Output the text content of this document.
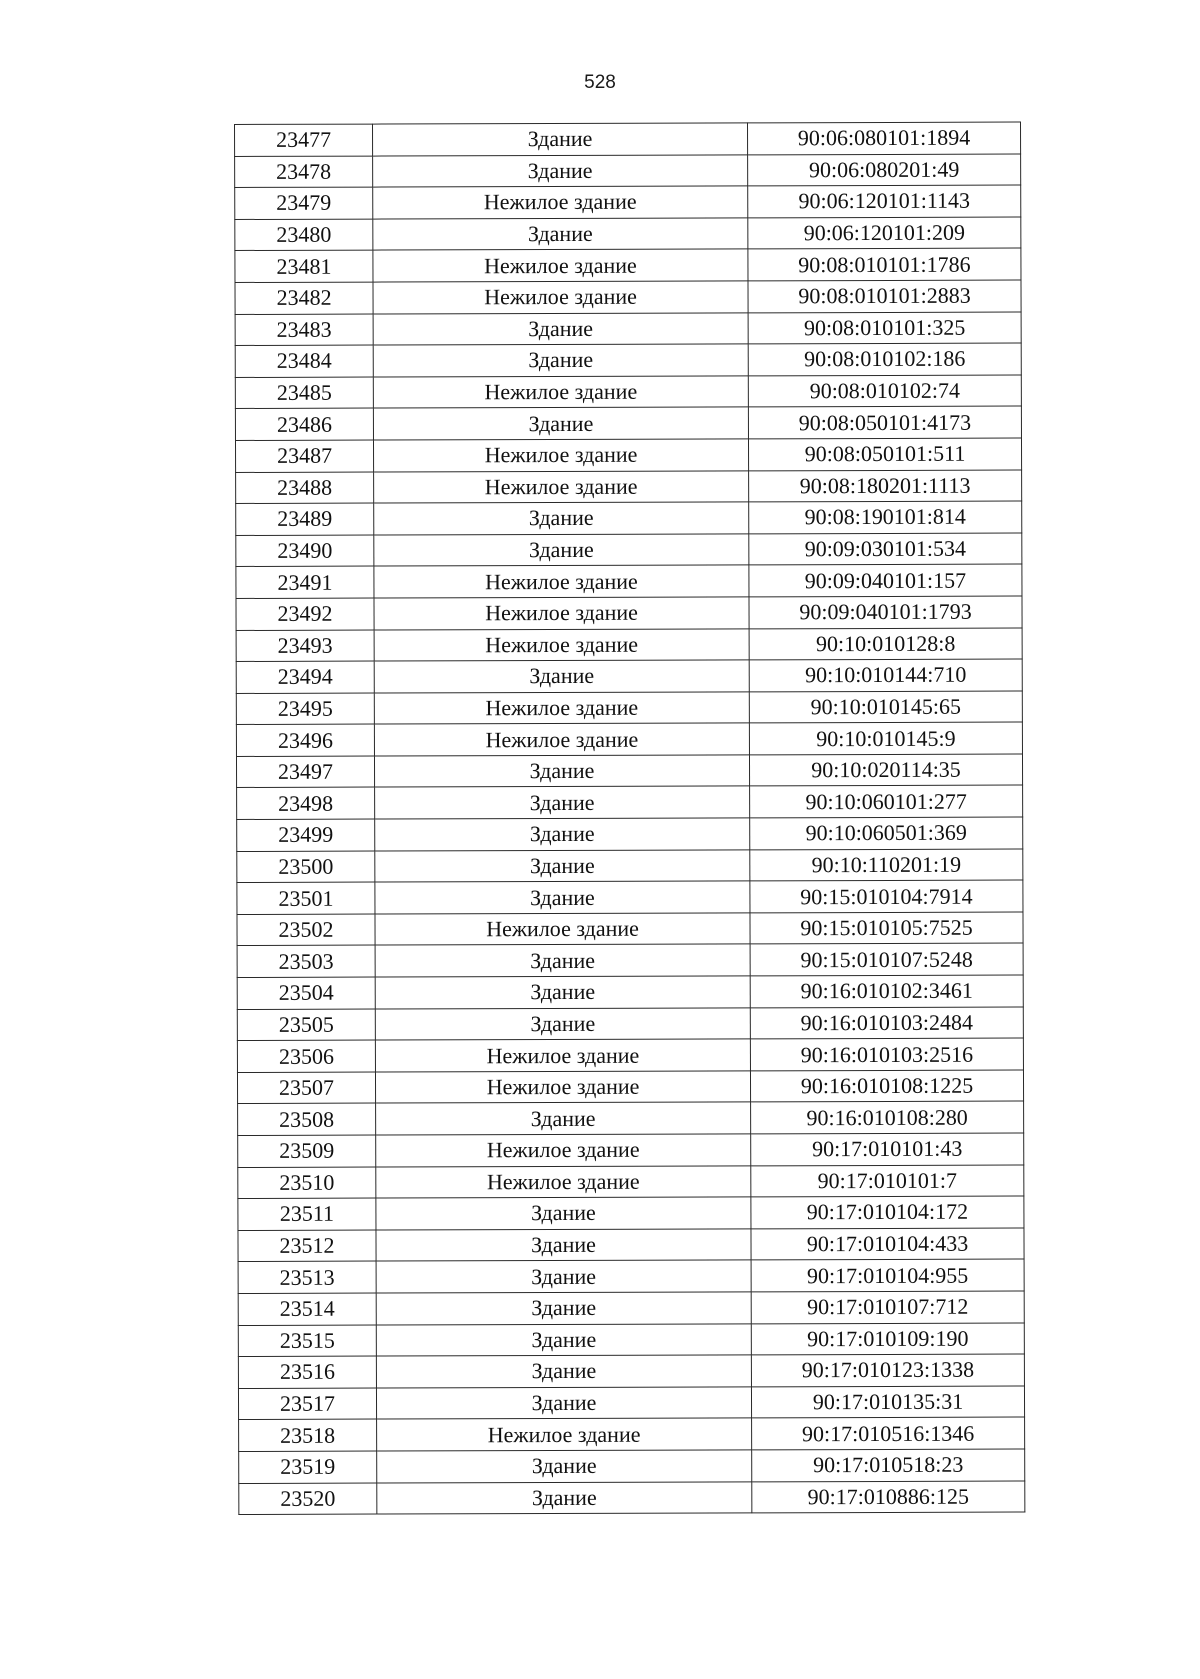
528
23477	Здание	90:06:080101:1894
23478	Здание	90:06:080201:49
23479	Нежилое здание	90:06:120101:1143
23480	Здание	90:06:120101:209
23481	Нежилое здание	90:08:010101:1786
23482	Нежилое здание	90:08:010101:2883
23483	Здание	90:08:010101:325
23484	Здание	90:08:010102:186
23485	Нежилое здание	90:08:010102:74
23486	Здание	90:08:050101:4173
23487	Нежилое здание	90:08:050101:511
23488	Нежилое здание	90:08:180201:1113
23489	Здание	90:08:190101:814
23490	Здание	90:09:030101:534
23491	Нежилое здание	90:09:040101:157
23492	Нежилое здание	90:09:040101:1793
23493	Нежилое здание	90:10:010128:8
23494	Здание	90:10:010144:710
23495	Нежилое здание	90:10:010145:65
23496	Нежилое здание	90:10:010145:9
23497	Здание	90:10:020114:35
23498	Здание	90:10:060101:277
23499	Здание	90:10:060501:369
23500	Здание	90:10:110201:19
23501	Здание	90:15:010104:7914
23502	Нежилое здание	90:15:010105:7525
23503	Здание	90:15:010107:5248
23504	Здание	90:16:010102:3461
23505	Здание	90:16:010103:2484
23506	Нежилое здание	90:16:010103:2516
23507	Нежилое здание	90:16:010108:1225
23508	Здание	90:16:010108:280
23509	Нежилое здание	90:17:010101:43
23510	Нежилое здание	90:17:010101:7
23511	Здание	90:17:010104:172
23512	Здание	90:17:010104:433
23513	Здание	90:17:010104:955
23514	Здание	90:17:010107:712
23515	Здание	90:17:010109:190
23516	Здание	90:17:010123:1338
23517	Здание	90:17:010135:31
23518	Нежилое здание	90:17:010516:1346
23519	Здание	90:17:010518:23
23520	Здание	90:17:010886:125
